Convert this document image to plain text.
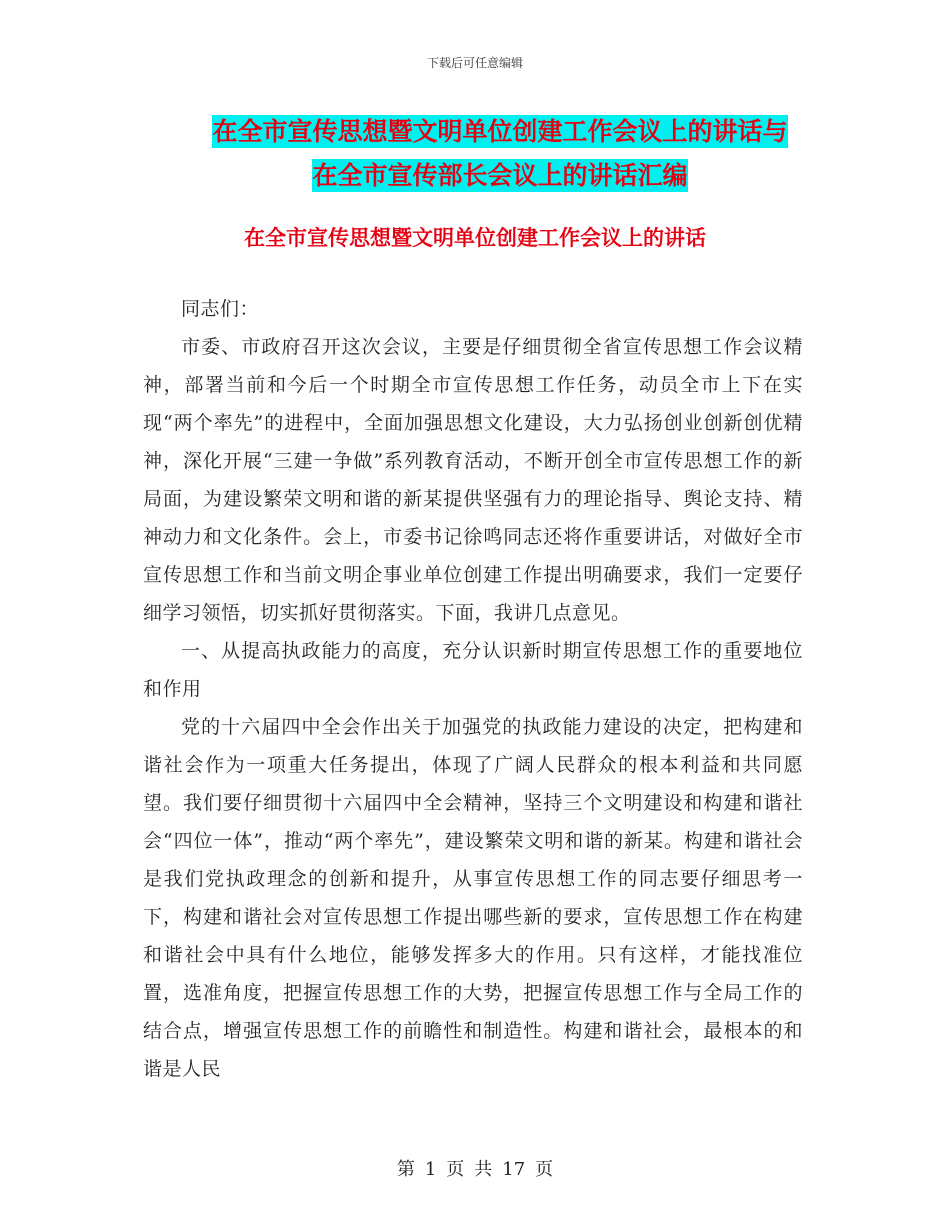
下载后可任意编辑
在全市宣传思想暨文明单位创建工作会议上的讲话与
在全市宣传部长会议上的讲话汇编
在全市宣传思想暨文明单位创建工作会议上的讲话

同志们：

市委、市政府召开这次会议，主要是仔细贯彻全省宣传思想工作会议精神，部署当前和今后一个时期全市宣传思想工作任务，动员全市上下在实现“两个率先”的进程中，全面加强思想文化建设，大力弘扬创业创新创优精神，深化开展“三建一争做”系列教育活动，不断开创全市宣传思想工作的新局面，为建设繁荣文明和谐的新某提供坚强有力的理论指导、舆论支持、精神动力和文化条件。会上，市委书记徐鸣同志还将作重要讲话，对做好全市宣传思想工作和当前文明企事业单位创建工作提出明确要求，我们一定要仔细学习领悟，切实抓好贯彻落实。下面，我讲几点意见。

一、从提高执政能力的高度，充分认识新时期宣传思想工作的重要地位和作用

党的十六届四中全会作出关于加强党的执政能力建设的决定，把构建和谐社会作为一项重大任务提出，体现了广阔人民群众的根本利益和共同愿望。我们要仔细贯彻十六届四中全会精神，坚持三个文明建设和构建和谐社会“四位一体”，推动“两个率先”，建设繁荣文明和谐的新某。构建和谐社会是我们党执政理念的创新和提升，从事宣传思想工作的同志要仔细思考一下，构建和谐社会对宣传思想工作提出哪些新的要求，宣传思想工作在构建和谐社会中具有什么地位，能够发挥多大的作用。只有这样，才能找准位置，选准角度，把握宣传思想工作的大势，把握宣传思想工作与全局工作的结合点，增强宣传思想工作的前瞻性和制造性。构建和谐社会，最根本的和谐是人民

第 1 页 共 17 页
